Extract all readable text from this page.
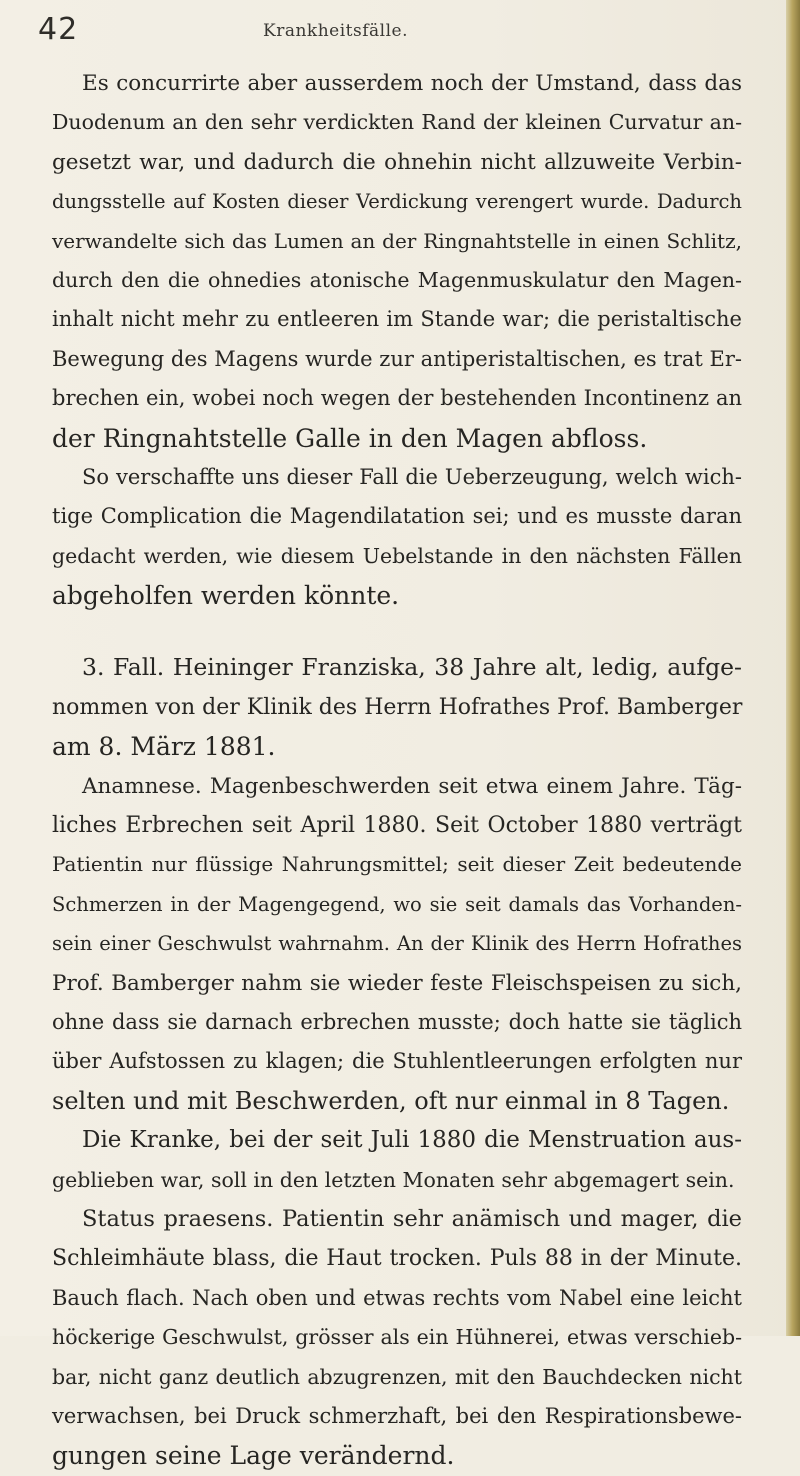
42	Krankheitsfälle.
Es concurrirte aber ausserdem noch der Umstand, dass das
Duodenum an den sehr verdickten Rand der kleinen Curvatur an-
gesetzt war, und dadurch die ohnehin nicht allzuweite Verbin-
dungsstelle auf Kosten dieser Verdickung verengert wurde. Dadurch
verwandelte sich das Lumen an der Ringnahtstelle in einen Schlitz,
durch den die ohnedies atonische Magenmuskulatur den Magen-
inhalt nicht mehr zu entleeren im Stande war; die peristaltische
Bewegung des Magens wurde zur antiperistaltischen, es trat Er-
brechen ein, wobei noch wegen der bestehenden Incontinenz an
der Ringnahtstelle Galle in den Magen abfloss.
So verschaffte uns dieser Fall die Ueberzeugung, welch wich-
tige Complication die Magendilatation sei; und es musste daran
gedacht werden, wie diesem Uebelstande in den nächsten Fällen
abgeholfen werden könnte.
3. Fall. Heininger Franziska, 38 Jahre alt, ledig, aufge-
nommen von der Klinik des Herrn Hofrathes Prof. Bamberger
am 8. März 1881.
Anamnese. Magenbeschwerden seit etwa einem Jahre. Täg-
liches Erbrechen seit April 1880. Seit October 1880 verträgt
Patientin nur flüssige Nahrungsmittel; seit dieser Zeit bedeutende
Schmerzen in der Magengegend, wo sie seit damals das Vorhanden-
sein einer Geschwulst wahrnahm. An der Klinik des Herrn Hofrathes
Prof. Bamberger nahm sie wieder feste Fleischspeisen zu sich,
ohne dass sie darnach erbrechen musste; doch hatte sie täglich
über Aufstossen zu klagen; die Stuhlentleerungen erfolgten nur
selten und mit Beschwerden, oft nur einmal in 8 Tagen.
Die Kranke, bei der seit Juli 1880 die Menstruation aus-
geblieben war, soll in den letzten Monaten sehr abgemagert sein.
Status praesens. Patientin sehr anämisch und mager, die
Schleimhäute blass, die Haut trocken. Puls 88 in der Minute.
Bauch flach. Nach oben und etwas rechts vom Nabel eine leicht
höckerige Geschwulst, grösser als ein Hühnerei, etwas verschieb-
bar, nicht ganz deutlich abzugrenzen, mit den Bauchdecken nicht
verwachsen, bei Druck schmerzhaft, bei den Respirationsbewe-
gungen seine Lage verändernd.
